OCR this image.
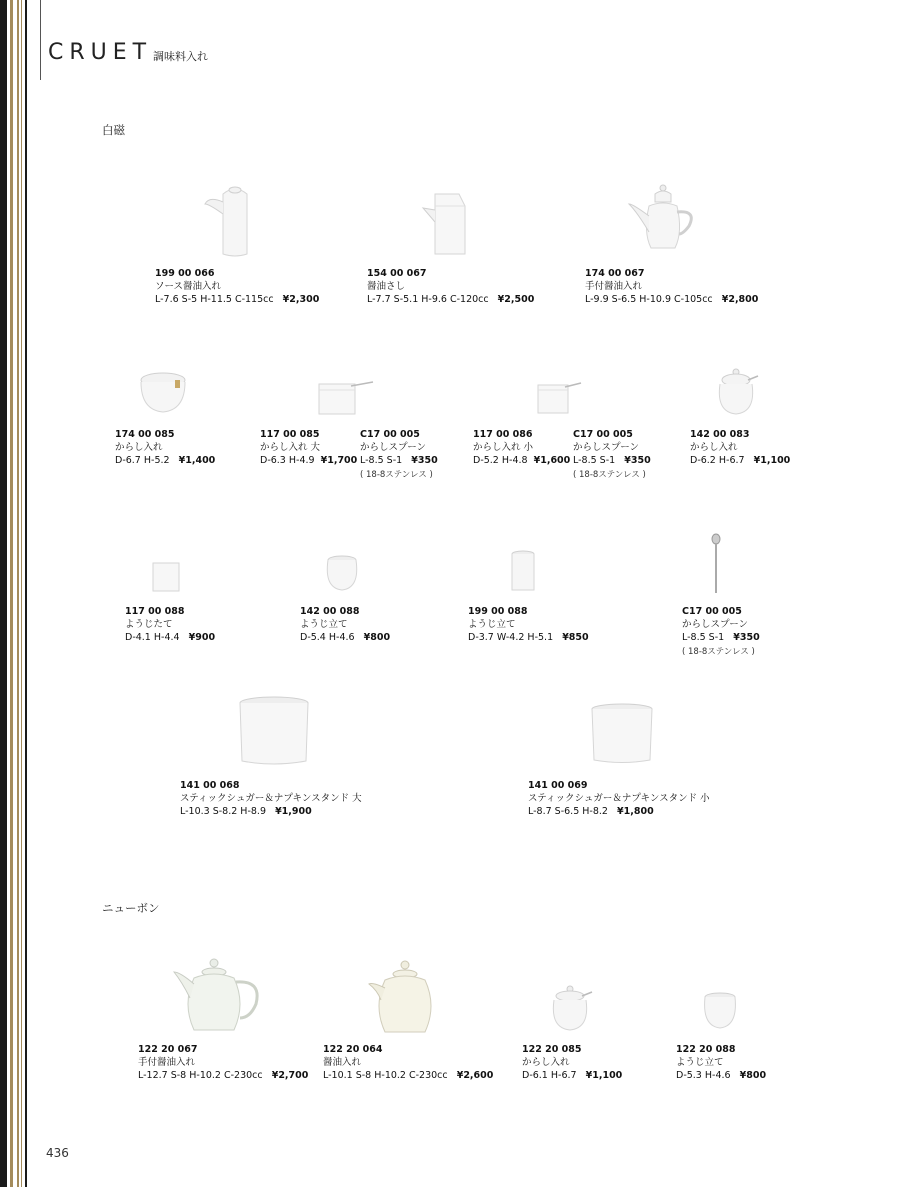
CRUET 調味料入れ
白磁
ニューボン
199 00 066
ソース醤油入れ
L-7.6 S-5 H-11.5 C-115cc ¥2,300
154 00 067
醤油さし
L-7.7 S-5.1 H-9.6 C-120cc ¥2,500
174 00 067
手付醤油入れ
L-9.9 S-6.5 H-10.9 C-105cc ¥2,800
174 00 085
からし入れ
D-6.7 H-5.2 ¥1,400
117 00 085
からし入れ 大
D-6.3 H-4.9 ¥1,700
C17 00 005
からしスプーン
L-8.5 S-1 ¥350
( 18-8ステンレス )
117 00 086
からし入れ 小
D-5.2 H-4.8 ¥1,600
C17 00 005
からしスプーン
L-8.5 S-1 ¥350
( 18-8ステンレス )
142 00 083
からし入れ
D-6.2 H-6.7 ¥1,100
117 00 088
ようじたて
D-4.1 H-4.4 ¥900
142 00 088
ようじ立て
D-5.4 H-4.6 ¥800
199 00 088
ようじ立て
D-3.7 W-4.2 H-5.1 ¥850
C17 00 005
からしスプーン
L-8.5 S-1 ¥350
( 18-8ステンレス )
141 00 068
スティックシュガー＆ナプキンスタンド 大
L-10.3 S-8.2 H-8.9 ¥1,900
141 00 069
スティックシュガー＆ナプキンスタンド 小
L-8.7 S-6.5 H-8.2 ¥1,800
122 20 067
手付醤油入れ
L-12.7 S-8 H-10.2 C-230cc ¥2,700
122 20 064
醤油入れ
L-10.1 S-8 H-10.2 C-230cc ¥2,600
122 20 085
からし入れ
D-6.1 H-6.7 ¥1,100
122 20 088
ようじ立て
D-5.3 H-4.6 ¥800
436
